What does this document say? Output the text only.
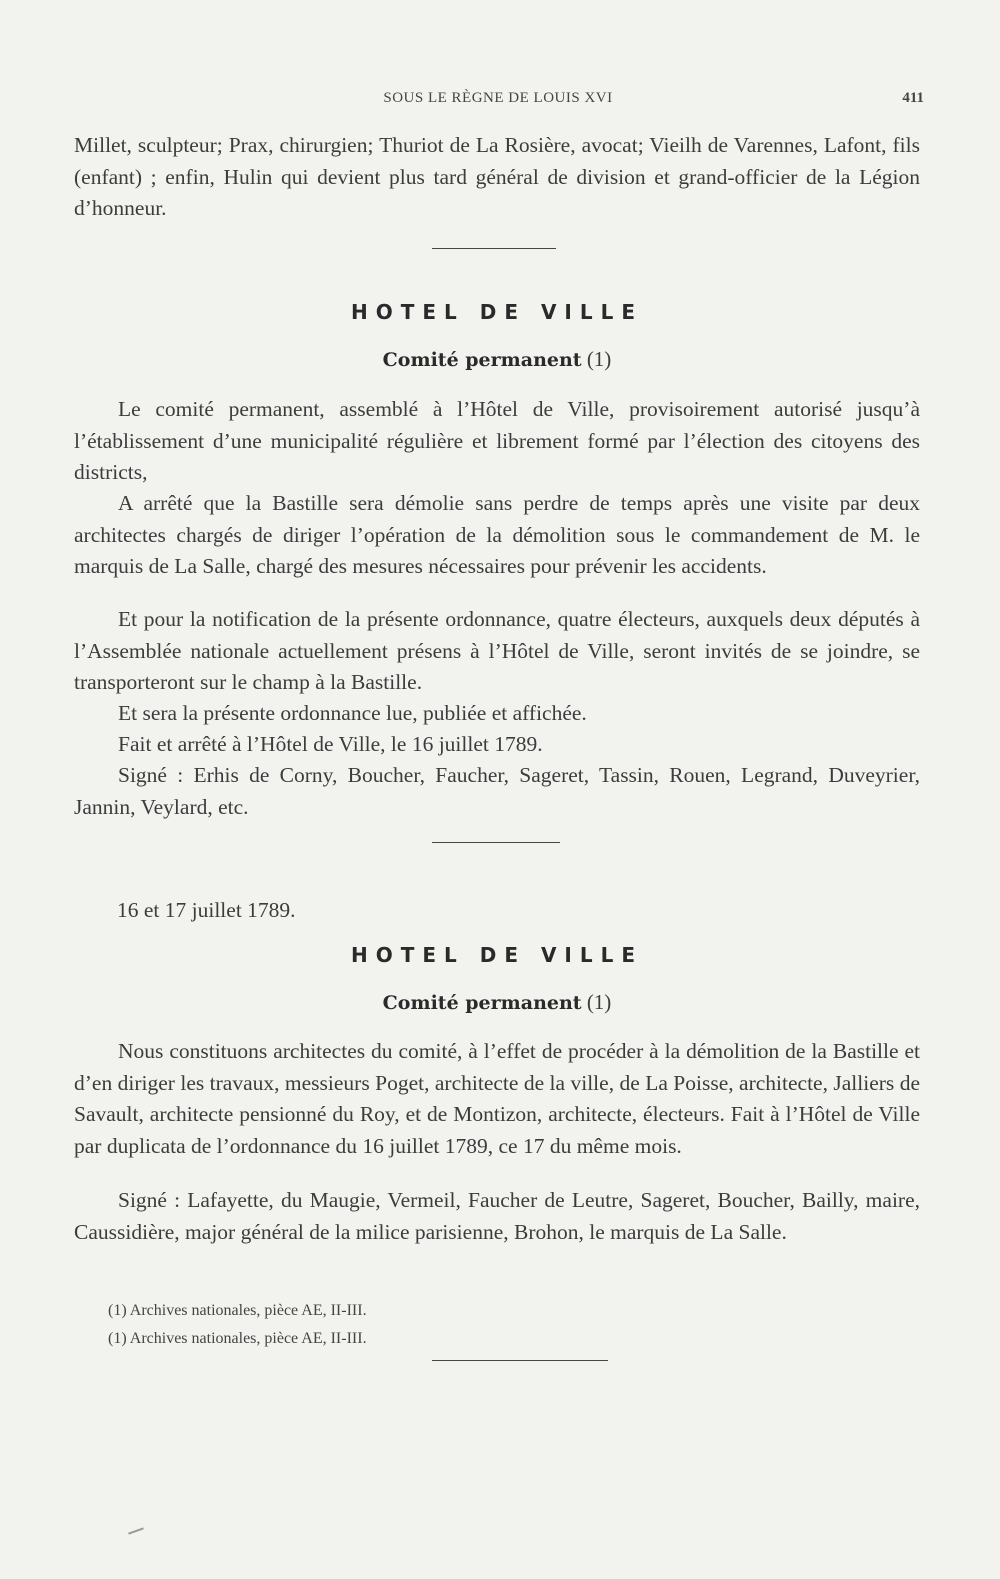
SOUS LE RÈGNE DE LOUIS XVI	411

Millet, sculpteur; Prax, chirurgien; Thuriot de La Rosière, avocat; Vieilh de Varennes, Lafont, fils (enfant) ; enfin, Hulin qui devient plus tard général de division et grand-officier de la Légion d’honneur.

HOTEL DE VILLE
Comité permanent (1)

Le comité permanent, assemblé à l’Hôtel de Ville, provisoirement autorisé jusqu’à l’établissement d’une municipalité régulière et librement formé par l’élection des citoyens des districts,

A arrêté que la Bastille sera démolie sans perdre de temps après une visite par deux architectes chargés de diriger l’opération de la démolition sous le commandement de M. le marquis de La Salle, chargé des mesures nécessaires pour prévenir les accidents.

Et pour la notification de la présente ordonnance, quatre électeurs, auxquels deux députés à l’Assemblée nationale actuellement présens à l’Hôtel de Ville, seront invités de se joindre, se transporteront sur le champ à la Bastille.

Et sera la présente ordonnance lue, publiée et affichée.

Fait et arrêté à l’Hôtel de Ville, le 16 juillet 1789.

Signé : Erhis de Corny, Boucher, Faucher, Sageret, Tassin, Rouen, Legrand, Duveyrier, Jannin, Veylard, etc.

16 et 17 juillet 1789.
HOTEL DE VILLE
Comité permanent (1)

Nous constituons architectes du comité, à l’effet de procéder à la démolition de la Bastille et d’en diriger les travaux, messieurs Poget, architecte de la ville, de La Poisse, architecte, Jalliers de Savault, architecte pensionné du Roy, et de Montizon, architecte, électeurs. Fait à l’Hôtel de Ville par duplicata de l’ordonnance du 16 juillet 1789, ce 17 du même mois.

Signé : Lafayette, du Maugie, Vermeil, Faucher de Leutre, Sageret, Boucher, Bailly, maire, Caussidière, major général de la milice parisienne, Brohon, le marquis de La Salle.

(1) Archives nationales, pièce AE, II-III.
(1) Archives nationales, pièce AE, II-III.
